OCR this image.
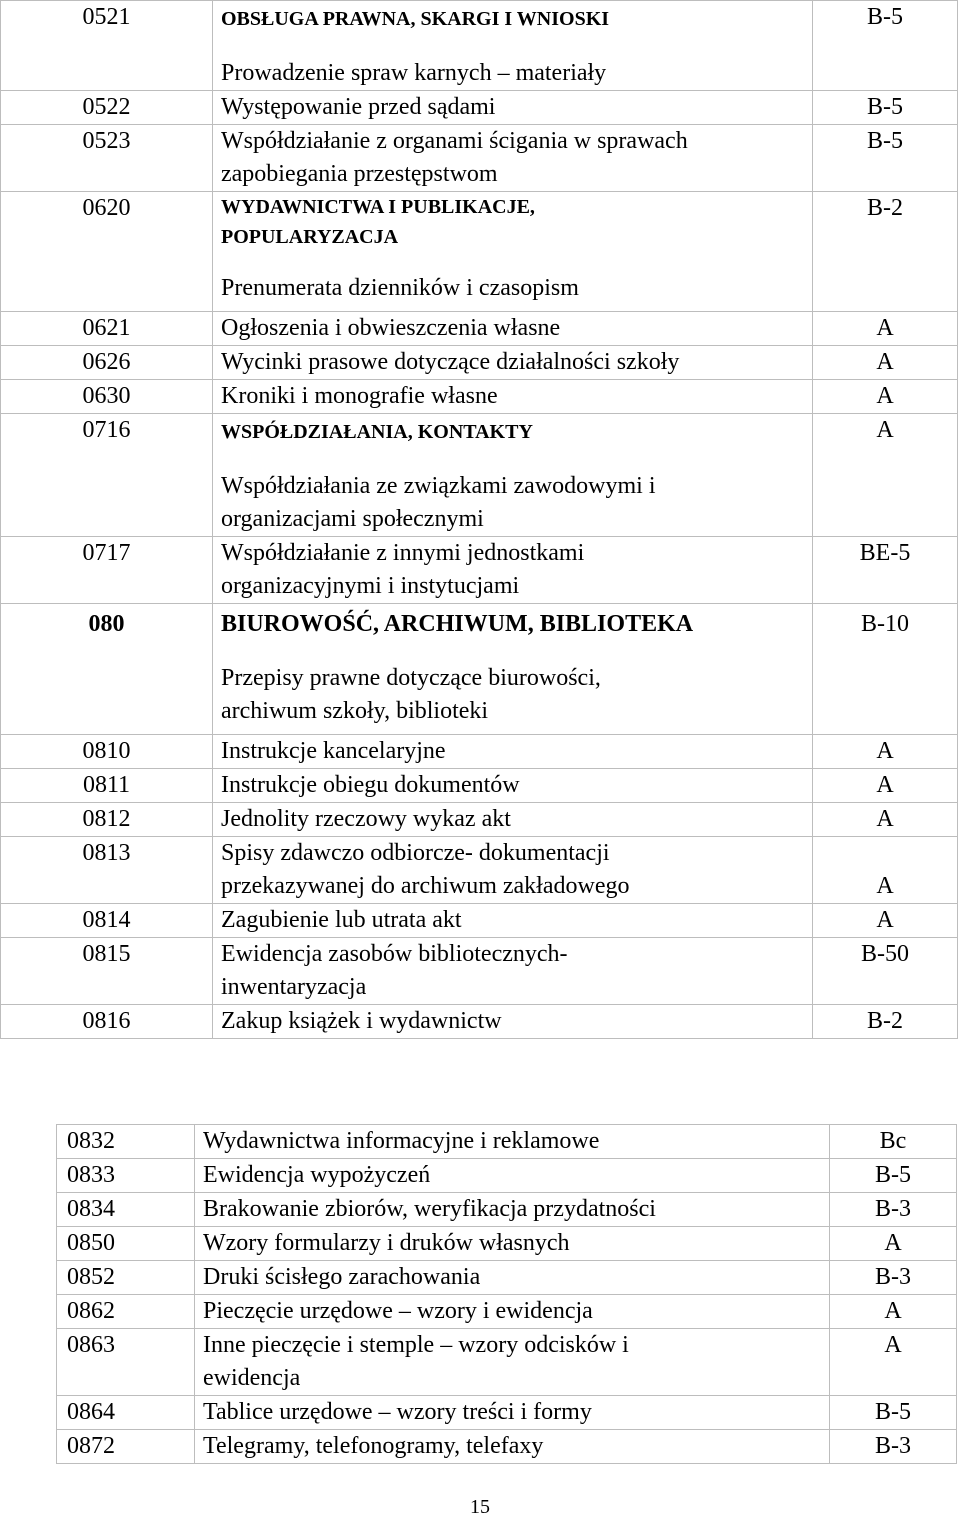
0521	OBSŁUGA PRAWNA, SKARGI I WNIOSKI

Prowadzenie spraw karnych – materiały	B-5

0522	Występowanie przed sądami	B-5

0523	Współdziałanie z organami ścigania w sprawach
zapobiegania przestępstwom	B-5

0620	WYDAWNICTWA I PUBLIKACJE,
POPULARYZACJA

Prenumerata dzienników i czasopism	B-2

0621	Ogłoszenia i obwieszczenia własne	A

0626	Wycinki prasowe dotyczące działalności szkoły	A

0630	Kroniki i monografie własne	A

0716	WSPÓŁDZIAŁANIA, KONTAKTY

Współdziałania ze związkami zawodowymi i
organizacjami społecznymi	A

0717	Współdziałanie z innymi jednostkami
organizacyjnymi i instytucjami	BE-5

080	BIUROWOŚĆ, ARCHIWUM, BIBLIOTEKA

Przepisy prawne dotyczące biurowości,
archiwum szkoły, biblioteki	B-10

0810	Instrukcje kancelaryjne	A

0811	Instrukcje obiegu dokumentów	A

0812	Jednolity rzeczowy wykaz akt	A

0813	Spisy zdawczo odbiorcze- dokumentacji
przekazywanej do archiwum zakładowego	A

0814	Zagubienie lub utrata akt	A

0815	Ewidencja zasobów bibliotecznych-
inwentaryzacja	B-50

0816	Zakup książek i wydawnictw	B-2
0832	Wydawnictwa informacyjne i reklamowe	Bc
0833	Ewidencja wypożyczeń	B-5
0834	Brakowanie zbiorów, weryfikacja przydatności	B-3
0850	Wzory formularzy i druków własnych	A
0852	Druki ścisłego zarachowania	B-3
0862	Pieczęcie urzędowe – wzory i ewidencja	A
0863	Inne pieczęcie i stemple – wzory odcisków i
ewidencja	A
0864	Tablice urzędowe – wzory treści i formy	B-5
0872	Telegramy, telefonogramy, telefaxy	B-3
15
